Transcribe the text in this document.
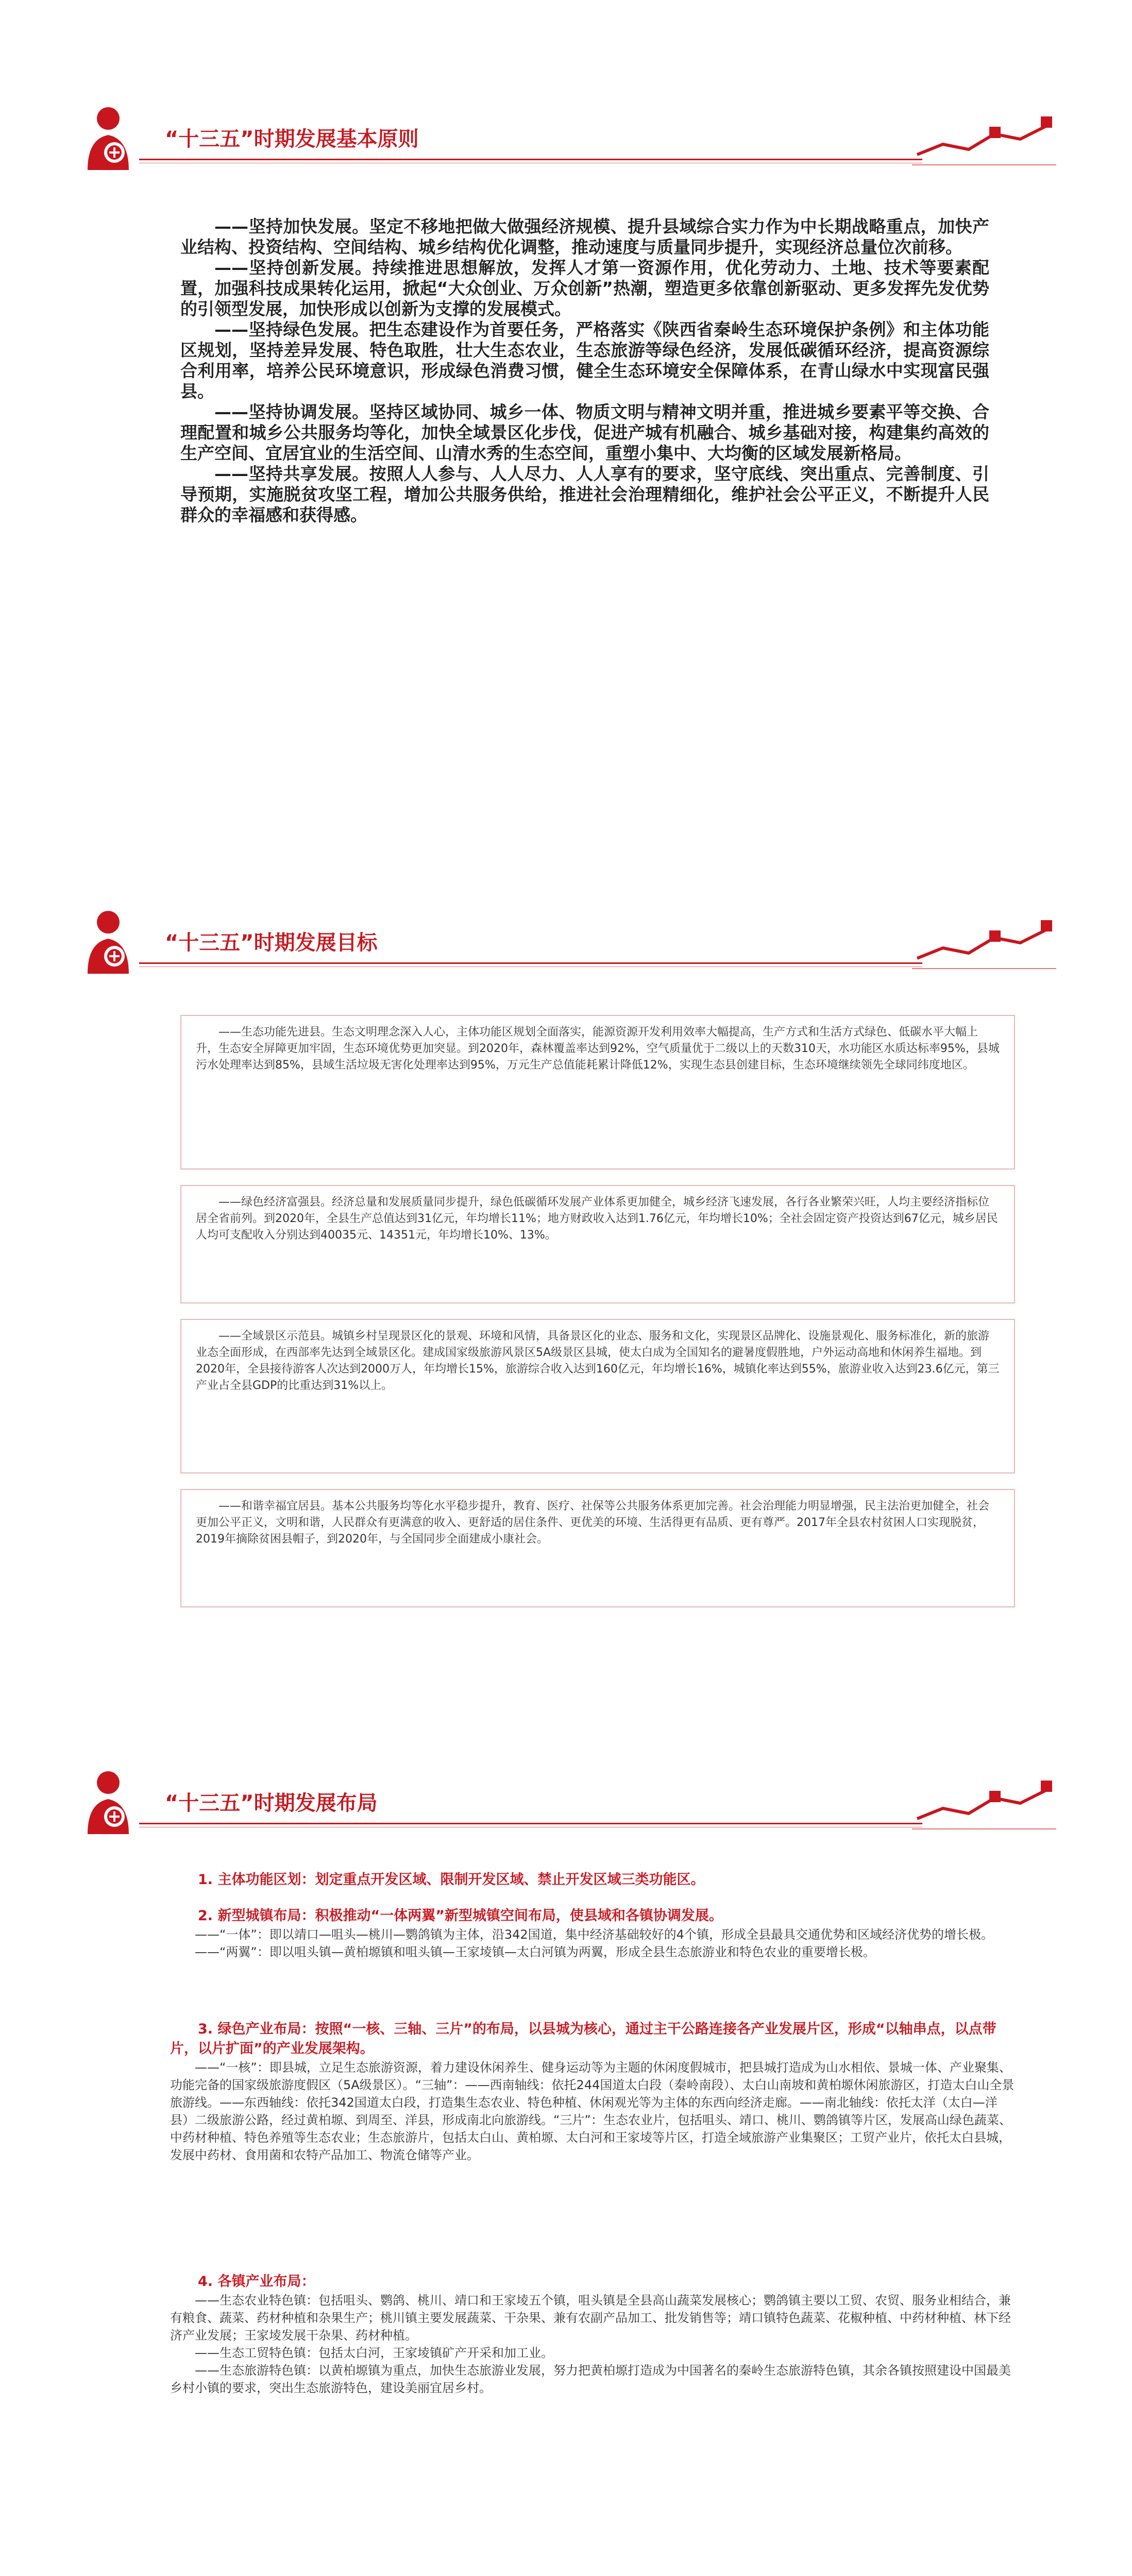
“十三五”时期发展基本原则

——坚持加快发展。坚定不移地把做大做强经济规模、提升县域综合实力作为中长期战略重点，加快产业结构、投资结构、空间结构、城乡结构优化调整，推动速度与质量同步提升，实现经济总量位次前移。

——坚持创新发展。持续推进思想解放，发挥人才第一资源作用，优化劳动力、土地、技术等要素配置，加强科技成果转化运用，掀起“大众创业、万众创新”热潮，塑造更多依靠创新驱动、更多发挥先发优势的引领型发展，加快形成以创新为支撑的发展模式。

——坚持绿色发展。把生态建设作为首要任务，严格落实《陕西省秦岭生态环境保护条例》和主体功能区规划，坚持差异发展、特色取胜，壮大生态农业，生态旅游等绿色经济，发展低碳循环经济，提高资源综合利用率，培养公民环境意识，形成绿色消费习惯，健全生态环境安全保障体系，在青山绿水中实现富民强县。

——坚持协调发展。坚持区域协同、城乡一体、物质文明与精神文明并重，推进城乡要素平等交换、合理配置和城乡公共服务均等化，加快全域景区化步伐，促进产城有机融合、城乡基础对接，构建集约高效的生产空间、宜居宜业的生活空间、山清水秀的生态空间，重塑小集中、大均衡的区域发展新格局。

——坚持共享发展。按照人人参与、人人尽力、人人享有的要求，坚守底线、突出重点、完善制度、引导预期，实施脱贫攻坚工程，增加公共服务供给，推进社会治理精细化，维护社会公平正义，不断提升人民群众的幸福感和获得感。

“十三五”时期发展目标

——生态功能先进县。生态文明理念深入人心，主体功能区规划全面落实，能源资源开发利用效率大幅提高，生产方式和生活方式绿色、低碳水平大幅上升，生态安全屏障更加牢固，生态环境优势更加突显。到2020年，森林覆盖率达到92%，空气质量优于二级以上的天数310天，水功能区水质达标率95%，县城污水处理率达到85%，县域生活垃圾无害化处理率达到95%，万元生产总值能耗累计降低12%，实现生态县创建目标，生态环境继续领先全球同纬度地区。

——绿色经济富强县。经济总量和发展质量同步提升，绿色低碳循环发展产业体系更加健全，城乡经济飞速发展，各行各业繁荣兴旺，人均主要经济指标位居全省前列。到2020年，全县生产总值达到31亿元，年均增长11%；地方财政收入达到1.76亿元，年均增长10%；全社会固定资产投资达到67亿元，城乡居民人均可支配收入分别达到40035元、14351元，年均增长10%、13%。

——全域景区示范县。城镇乡村呈现景区化的景观、环境和风情，具备景区化的业态、服务和文化，实现景区品牌化、设施景观化、服务标准化，新的旅游业态全面形成，在西部率先达到全域景区化。建成国家级旅游风景区5A级景区县城，使太白成为全国知名的避暑度假胜地，户外运动高地和休闲养生福地。到2020年，全县接待游客人次达到2000万人，年均增长15%，旅游综合收入达到160亿元，年均增长16%，城镇化率达到55%，旅游业收入达到23.6亿元，第三产业占全县GDP的比重达到31%以上。

——和谐幸福宜居县。基本公共服务均等化水平稳步提升，教育、医疗、社保等公共服务体系更加完善。社会治理能力明显增强，民主法治更加健全，社会更加公平正义，文明和谐，人民群众有更满意的收入、更舒适的居住条件、更优美的环境、生活得更有品质、更有尊严。2017年全县农村贫困人口实现脱贫，2019年摘除贫困县帽子，到2020年，与全国同步全面建成小康社会。

“十三五”时期发展布局

1. 主体功能区划：划定重点开发区域、限制开发区域、禁止开发区域三类功能区。

2. 新型城镇布局：积极推动“一体两翼”新型城镇空间布局，使县域和各镇协调发展。

——“一体”：即以靖口—咀头—桃川—鹦鸽镇为主体，沿342国道，集中经济基础较好的4个镇，形成全县最具交通优势和区域经济优势的增长极。

——“两翼”：即以咀头镇—黄柏塬镇和咀头镇—王家堎镇—太白河镇为两翼，形成全县生态旅游业和特色农业的重要增长极。

3. 绿色产业布局：按照“一核、三轴、三片”的布局，以县城为核心，通过主干公路连接各产业发展片区，形成“以轴串点，以点带片，以片扩面”的产业发展架构。

——“一核”：即县城，立足生态旅游资源，着力建设休闲养生、健身运动等为主题的休闲度假城市，把县城打造成为山水相依、景城一体、产业聚集、功能完备的国家级旅游度假区（5A级景区）。“三轴”：——西南轴线：依托244国道太白段（秦岭南段）、太白山南坡和黄柏塬休闲旅游区，打造太白山全景旅游线。——东西轴线：依托342国道太白段，打造集生态农业、特色种植、休闲观光等为主体的东西向经济走廊。——南北轴线：依托太洋（太白—洋县）二级旅游公路，经过黄柏塬、到周至、洋县，形成南北向旅游线。“三片”：生态农业片，包括咀头、靖口、桃川、鹦鸽镇等片区，发展高山绿色蔬菜、中药材种植、特色养殖等生态农业；生态旅游片，包括太白山、黄柏塬、太白河和王家堎等片区，打造全域旅游产业集聚区；工贸产业片，依托太白县城，发展中药材、食用菌和农特产品加工、物流仓储等产业。

4. 各镇产业布局：

——生态农业特色镇：包括咀头、鹦鸽、桃川、靖口和王家堎五个镇，咀头镇是全县高山蔬菜发展核心；鹦鸽镇主要以工贸、农贸、服务业相结合，兼有粮食、蔬菜、药材种植和杂果生产；桃川镇主要发展蔬菜、干杂果、兼有农副产品加工、批发销售等；靖口镇特色蔬菜、花椒种植、中药材种植、林下经济产业发展；王家堎发展干杂果、药材种植。

——生态工贸特色镇：包括太白河，王家堎镇矿产开采和加工业。

——生态旅游特色镇：以黄柏塬镇为重点，加快生态旅游业发展，努力把黄柏塬打造成为中国著名的秦岭生态旅游特色镇，其余各镇按照建设中国最美乡村小镇的要求，突出生态旅游特色，建设美丽宜居乡村。
